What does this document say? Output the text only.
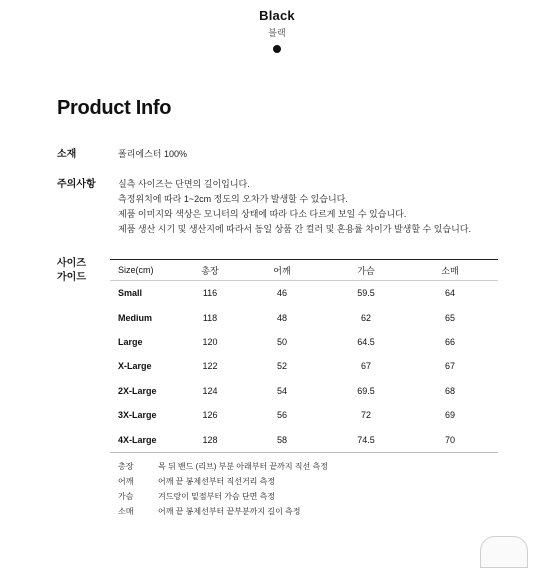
Black
블랙
Product Info
소재	폴리에스터 100%
주의사항 실측 사이즈는 단면의 길이입니다.
측정위치에 따라 1~2cm 정도의 오차가 발생할 수 있습니다.
제품 이미지와 색상은 모니터의 상태에 따라 다소 다르게 보일 수 있습니다.
제품 생산 시기 및 생산지에 따라서 동일 상품 간 컬러 및 혼용률 차이가 발생할 수 있습니다.
사이즈
가이드
Size(cm)	총장	어깨	가슴	소매
Small	116	46	59.5	64
Medium	118	48	62	65
Large	120	50	64.5	66
X-Large	122	52	67	67
2X-Large	124	54	69.5	68
3X-Large	126	56	72	69
4X-Large	128	58	74.5	70
총장	목 뒤 밴드 (리브) 부분 아래부터 끝까지 직선 측정
어깨	어깨 끝 봉제선부터 직선거리 측정
가슴	겨드랑이 밑점부터 가슴 단면 측정
소매	어깨 끝 봉제선부터 끝부분까지 길이 측정
